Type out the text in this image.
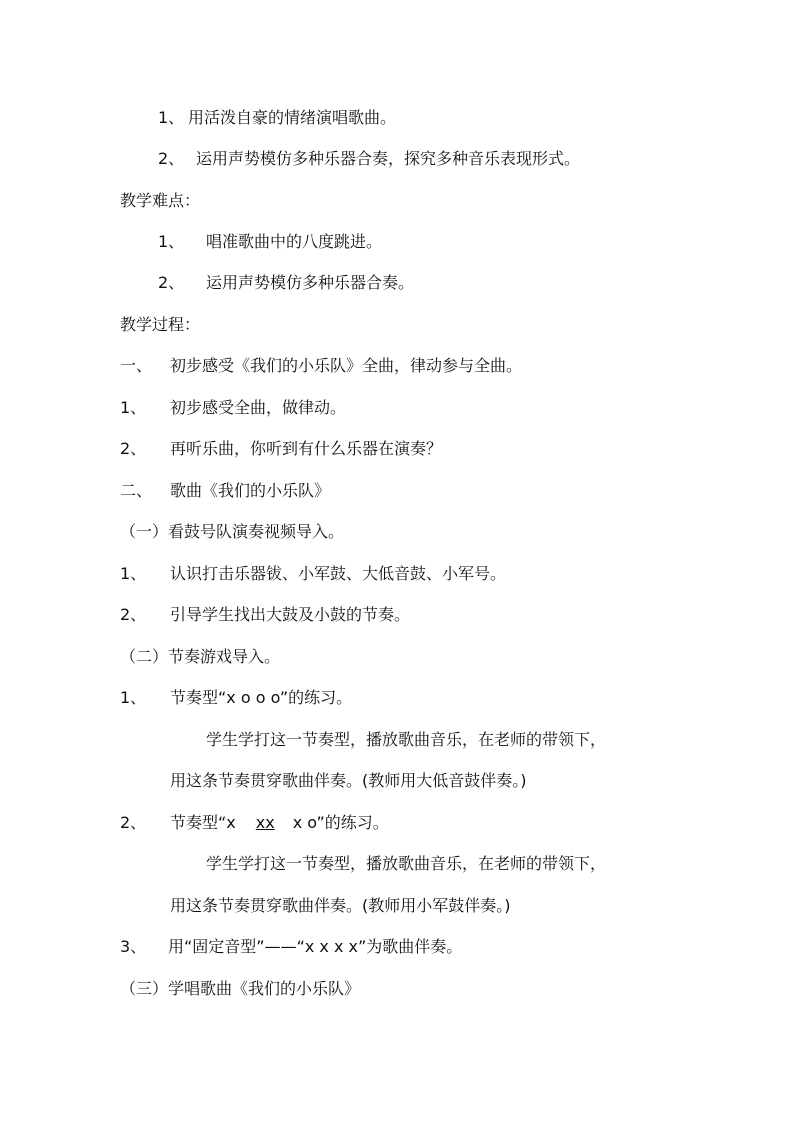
1、 用活泼自豪的情绪演唱歌曲。
2、 运用声势模仿多种乐器合奏，探究多种音乐表现形式。
教学难点：
1、 唱准歌曲中的八度跳进。
2、 运用声势模仿多种乐器合奏。
教学过程：
一、 初步感受《我们的小乐队》全曲，律动参与全曲。
1、 初步感受全曲，做律动。
2、 再听乐曲，你听到有什么乐器在演奏？
二、 歌曲《我们的小乐队》
（一）看鼓号队演奏视频导入。
1、 认识打击乐器钹、小军鼓、大低音鼓、小军号。
2、 引导学生找出大鼓及小鼓的节奏。
（二）节奏游戏导入。
1、 节奏型“x o o o”的练习。
学生学打这一节奏型，播放歌曲音乐，在老师的带领下，
用这条节奏贯穿歌曲伴奏。(教师用大低音鼓伴奏。)
2、 节奏型“x xx x o”的练习。
学生学打这一节奏型，播放歌曲音乐，在老师的带领下，
用这条节奏贯穿歌曲伴奏。(教师用小军鼓伴奏。)
3、 用“固定音型”——“x x x x”为歌曲伴奏。
（三）学唱歌曲《我们的小乐队》
